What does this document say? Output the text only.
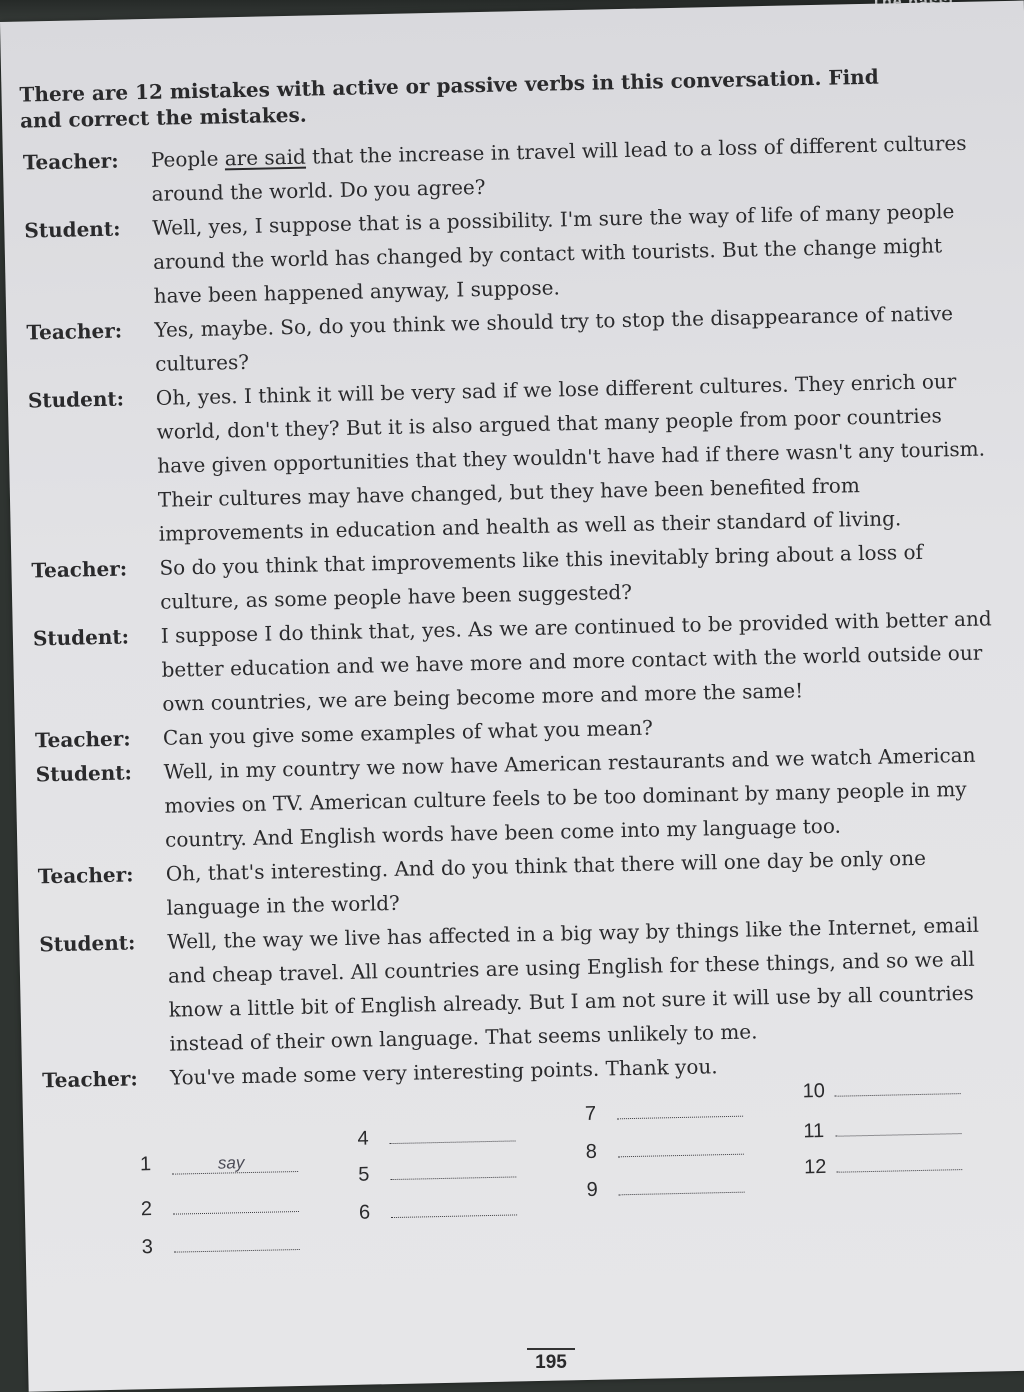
There are 12 mistakes with active or passive verbs in this conversation. Find and correct the mistakes.

Teacher:	People are said that the increase in travel will lead to a loss of different cultures around the world. Do you agree?
Student:	Well, yes, I suppose that is a possibility. I'm sure the way of life of many people around the world has changed by contact with tourists. But the change might have been happened anyway, I suppose.
Teacher:	Yes, maybe. So, do you think we should try to stop the disappearance of native cultures?
Student:	Oh, yes. I think it will be very sad if we lose different cultures. They enrich our world, don't they? But it is also argued that many people from poor countries have given opportunities that they wouldn't have had if there wasn't any tourism. Their cultures may have changed, but they have been benefited from improvements in education and health as well as their standard of living.
Teacher:	So do you think that improvements like this inevitably bring about a loss of culture, as some people have been suggested?
Student:	I suppose I do think that, yes. As we are continued to be provided with better and better education and we have more and more contact with the world outside our own countries, we are being become more and more the same!
Teacher:	Can you give some examples of what you mean?
Student:	Well, in my country we now have American restaurants and we watch American movies on TV. American culture feels to be too dominant by many people in my country. And English words have been come into my language too.
Teacher:	Oh, that's interesting. And do you think that there will one day be only one language in the world?
Student:	Well, the way we live has affected in a big way by things like the Internet, email and cheap travel. All countries are using English for these things, and so we all know a little bit of English already. But I am not sure it will use by all countries instead of their own language. That seems unlikely to me.
Teacher:	You've made some very interesting points. Thank you.
1	say
2
3
4
5
6
7
8
9
10
11
12
195
